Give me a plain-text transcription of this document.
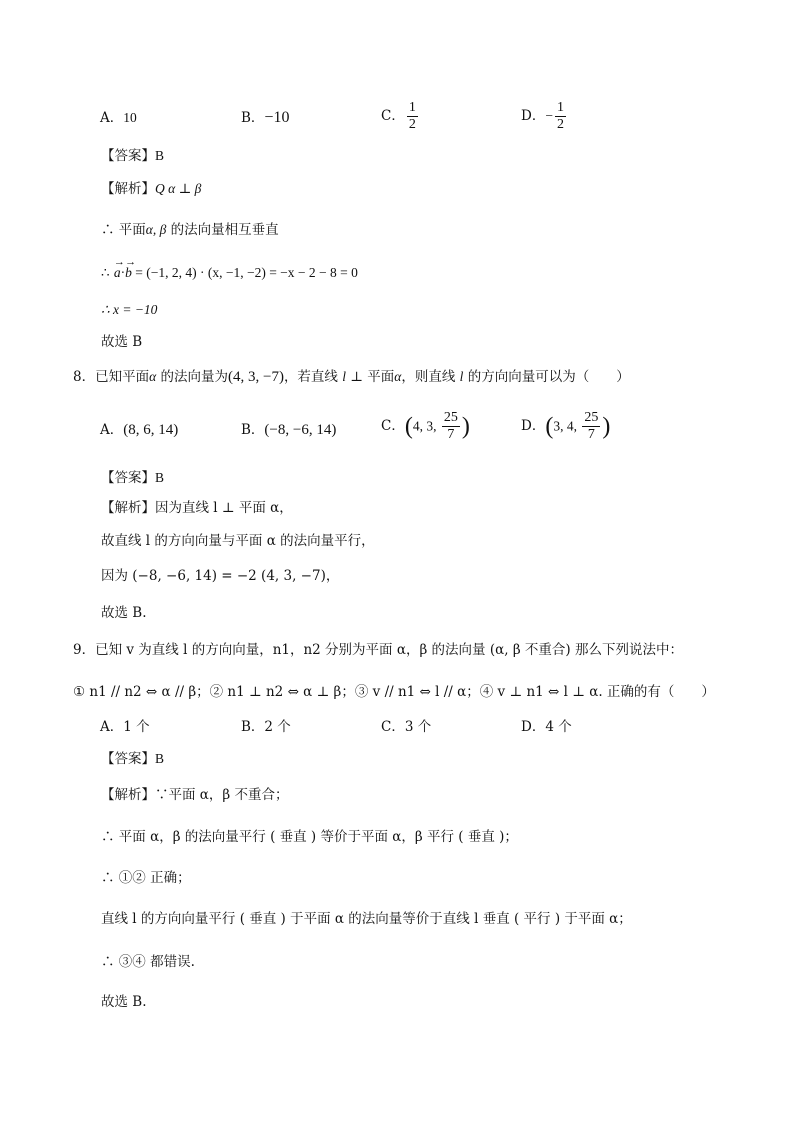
A．10	B．−10	C． $\frac{1}{2}$	D．− $\frac{1}{2}$
【答案】B
【解析】Q α ⊥ β
∴ 平面α, β 的法向量相互垂直
∴ → a·→ b = (−1, 2, 4) · (x, −1, −2) = −x − 2 − 8 = 0
∴ x = −10
故选 B
8．已知平面α 的法向量为(4, 3, −7)，若直线 l ⊥ 平面α，则直线 l 的方向向量可以为（　　）
A．(8, 6, 14)	B．(−8, −6, 14)	C．(4, 3, $\frac{25}{7}$ )	D．(3, 4, $\frac{25}{7}$ )
【答案】B
【解析】因为直线 l ⊥ 平面 α，
故直线 l 的方向向量与平面 α 的法向量平行，
因为 (−8, −6, 14) = −2 (4, 3, −7)，
故选 B.
9．已知 v 为直线 l 的方向向量，n1，n2 分别为平面 α，β 的法向量 (α, β 不重合) 那么下列说法中：
① n1 // n2 ⇔ α // β；② n1 ⊥ n2 ⇔ α ⊥ β；③ v // n1 ⇔ l // α；④ v ⊥ n1 ⇔ l ⊥ α. 正确的有（　　）
A．1 个	B．2 个	C．3 个	D．4 个
【答案】B
【解析】∵平面 α，β 不重合；
∴ 平面 α，β 的法向量平行 ( 垂直 ) 等价于平面 α，β 平行 ( 垂直 )；
∴ ①② 正确；
直线 l 的方向向量平行 ( 垂直 ) 于平面 α 的法向量等价于直线 l 垂直 ( 平行 ) 于平面 α；
∴ ③④ 都错误.
故选 B.
